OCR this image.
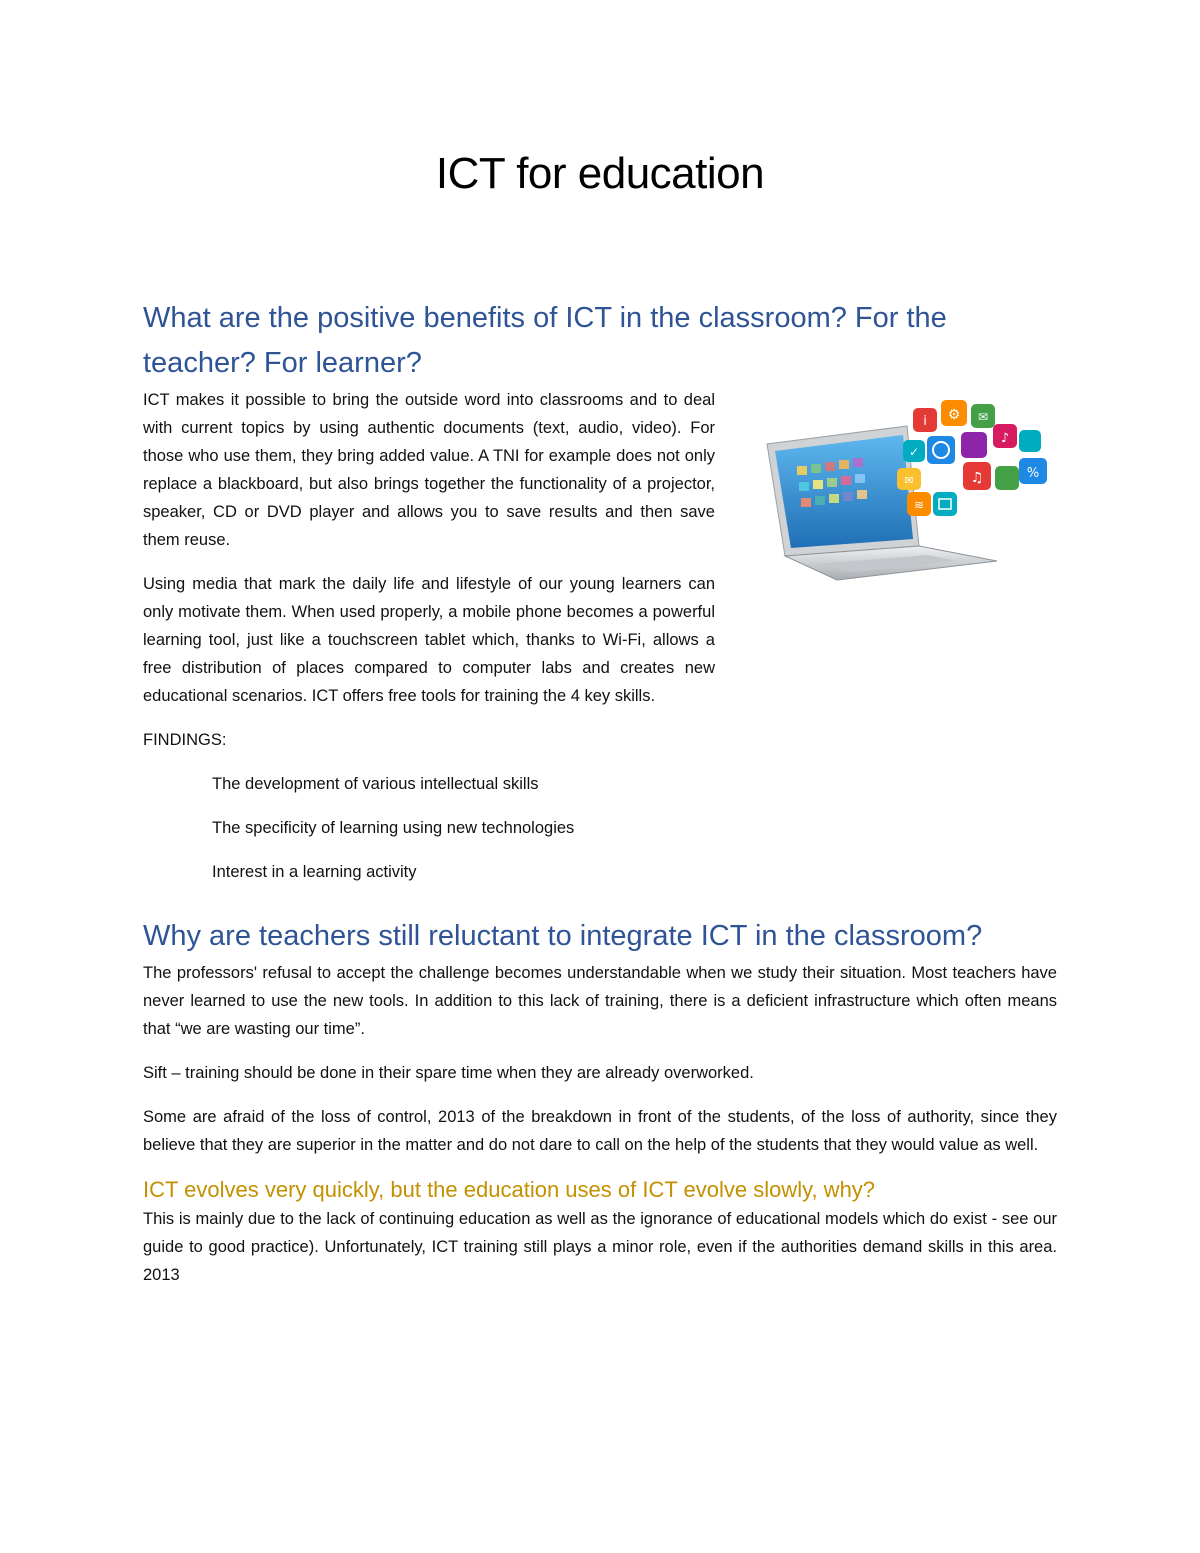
ICT for education
What are the positive benefits of ICT in the classroom? For the teacher? For learner?

ICT makes it possible to bring the outside word into classrooms and to deal with current topics by using authentic documents (text, audio, video). For those who use them, they bring added value. A TNI for example does not only replace a blackboard, but also brings together the functionality of a projector, speaker, CD or DVD player and allows you to save results and then save them reuse.

Using media that mark the daily life and lifestyle of our young learners can only motivate them. When used properly, a mobile phone becomes a powerful learning tool, just like a touchscreen tablet which, thanks to Wi-Fi, allows a free distribution of places compared to computer labs and creates new educational scenarios. ICT offers free tools for training the 4 key skills.

FINDINGS:

The development of various intellectual skills

The specificity of learning using new technologies

Interest in a learning activity

Why are teachers still reluctant to integrate ICT in the classroom?

The professors' refusal to accept the challenge becomes understandable when we study their situation. Most teachers have never learned to use the new tools. In addition to this lack of training, there is a deficient infrastructure which often means that “we are wasting our time”.

Sift – training should be done in their spare time when they are already overworked.

Some are afraid of the loss of control, 2013 of the breakdown in front of the students, of the loss of authority, since they believe that they are superior in the matter and do not dare to call on the help of the students that they would value as well.

ICT evolves very quickly, but the education uses of ICT evolve slowly, why?

This is mainly due to the lack of continuing education as well as the ignorance of educational models which do exist - see our guide to good practice). Unfortunately, ICT training still plays a minor role, even if the authorities demand skills in this area. 2013

i ⚙ ✉
✓
♪
✉	♫	%
≋
